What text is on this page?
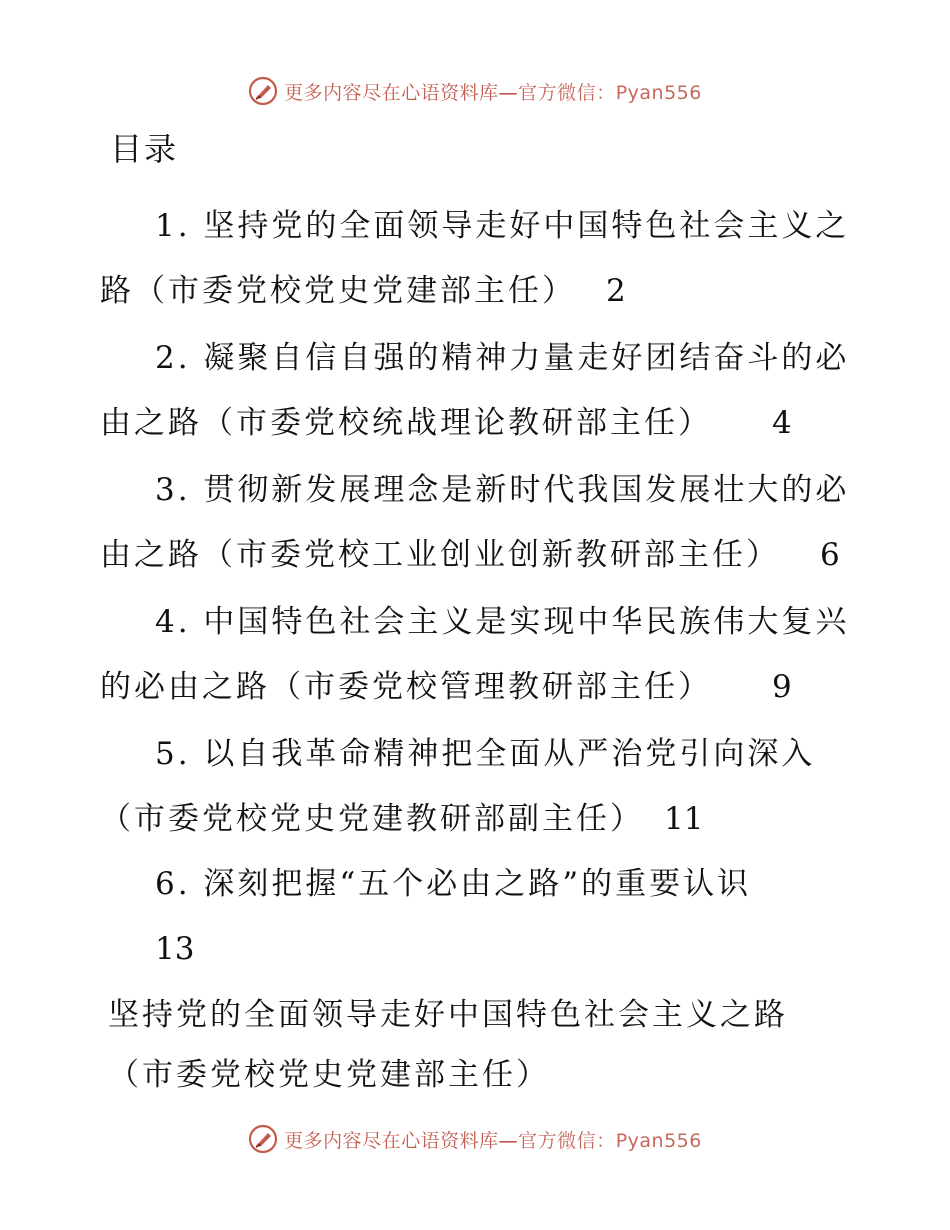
更多内容尽在心语资料库—官方微信：Pyan556
目录
1. 坚持党的全面领导走好中国特色社会主义之
路（市委党校党史党建部主任） 2
2. 凝聚自信自强的精神力量走好团结奋斗的必
由之路（市委党校统战理论教研部主任） 4
3. 贯彻新发展理念是新时代我国发展壮大的必
由之路（市委党校工业创业创新教研部主任） 6
4. 中国特色社会主义是实现中华民族伟大复兴
的必由之路（市委党校管理教研部主任） 9
5. 以自我革命精神把全面从严治党引向深入
（市委党校党史党建教研部副主任） 11
6. 深刻把握“五个必由之路”的重要认识
13
坚持党的全面领导走好中国特色社会主义之路
（市委党校党史党建部主任）
更多内容尽在心语资料库—官方微信：Pyan556
